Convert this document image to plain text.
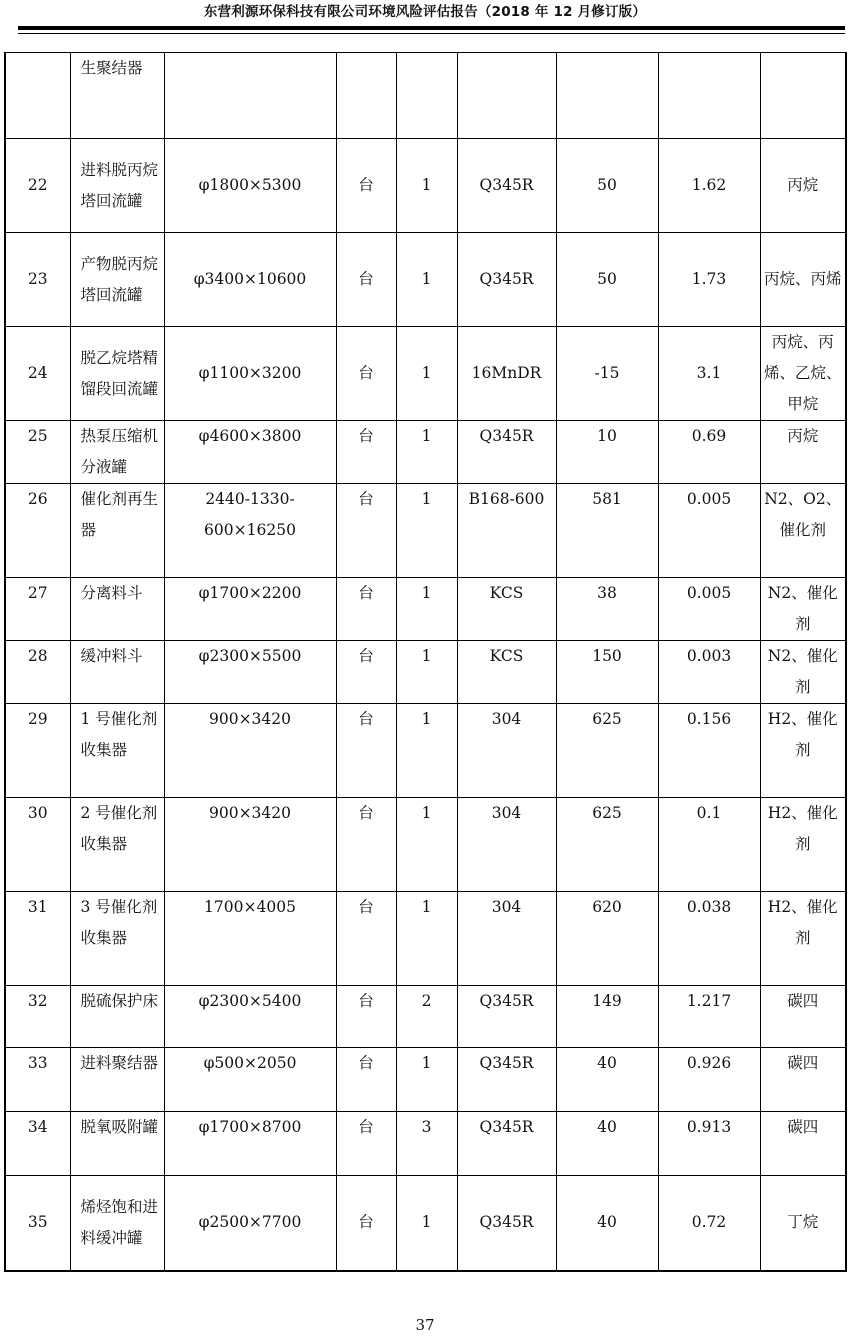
东营利源环保科技有限公司环境风险评估报告（2018 年 12 月修订版）
	生聚结器							
22	进料脱丙烷塔回流罐	φ1800×5300	台	1	Q345R	50	1.62	丙烷
23	产物脱丙烷塔回流罐	φ3400×10600	台	1	Q345R	50	1.73	丙烷、丙烯
24	脱乙烷塔精馏段回流罐	φ1100×3200	台	1	16MnDR	-15	3.1	丙烷、丙烯、乙烷、甲烷
25	热泵压缩机分液罐	φ4600×3800	台	1	Q345R	10	0.69	丙烷
26	催化剂再生器	2440-1330-600×16250	台	1	B168-600	581	0.005	N2、O2、催化剂
27	分离料斗	φ1700×2200	台	1	KCS	38	0.005	N2、催化剂
28	缓冲料斗	φ2300×5500	台	1	KCS	150	0.003	N2、催化剂
29	1 号催化剂收集器	900×3420	台	1	304	625	0.156	H2、催化剂
30	2 号催化剂收集器	900×3420	台	1	304	625	0.1	H2、催化剂
31	3 号催化剂收集器	1700×4005	台	1	304	620	0.038	H2、催化剂
32	脱硫保护床	φ2300×5400	台	2	Q345R	149	1.217	碳四
33	进料聚结器	φ500×2050	台	1	Q345R	40	0.926	碳四
34	脱氧吸附罐	φ1700×8700	台	3	Q345R	40	0.913	碳四
35	烯烃饱和进料缓冲罐	φ2500×7700	台	1	Q345R	40	0.72	丁烷
37
